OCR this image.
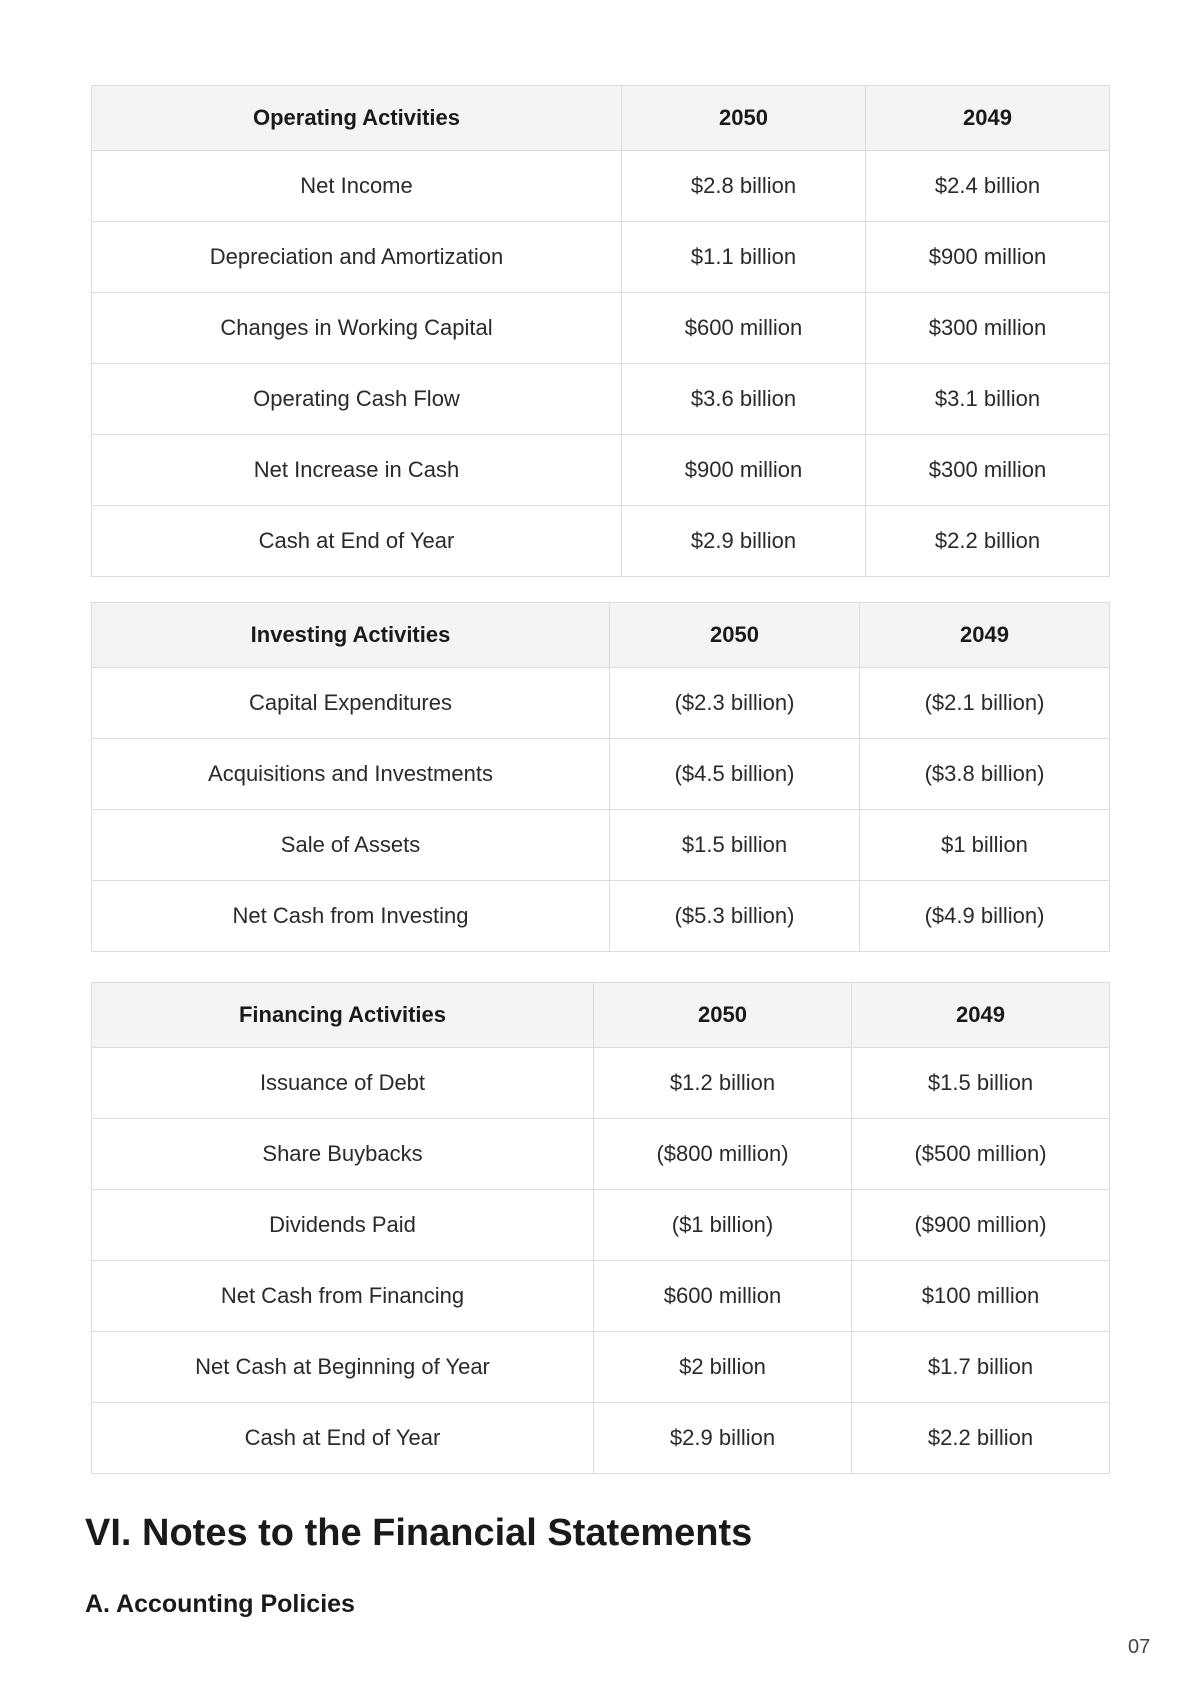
Operating Activities	2050	2049
Net Income	$2.8 billion	$2.4 billion
Depreciation and Amortization	$1.1 billion	$900 million
Changes in Working Capital	$600 million	$300 million
Operating Cash Flow	$3.6 billion	$3.1 billion
Net Increase in Cash	$900 million	$300 million
Cash at End of Year	$2.9 billion	$2.2 billion
Investing Activities	2050	2049
Capital Expenditures	($2.3 billion)	($2.1 billion)
Acquisitions and Investments	($4.5 billion)	($3.8 billion)
Sale of Assets	$1.5 billion	$1 billion
Net Cash from Investing	($5.3 billion)	($4.9 billion)
Financing Activities	2050	2049
Issuance of Debt	$1.2 billion	$1.5 billion
Share Buybacks	($800 million)	($500 million)
Dividends Paid	($1 billion)	($900 million)
Net Cash from Financing	$600 million	$100 million
Net Cash at Beginning of Year	$2 billion	$1.7 billion
Cash at End of Year	$2.9 billion	$2.2 billion
VI. Notes to the Financial Statements
A. Accounting Policies
07
